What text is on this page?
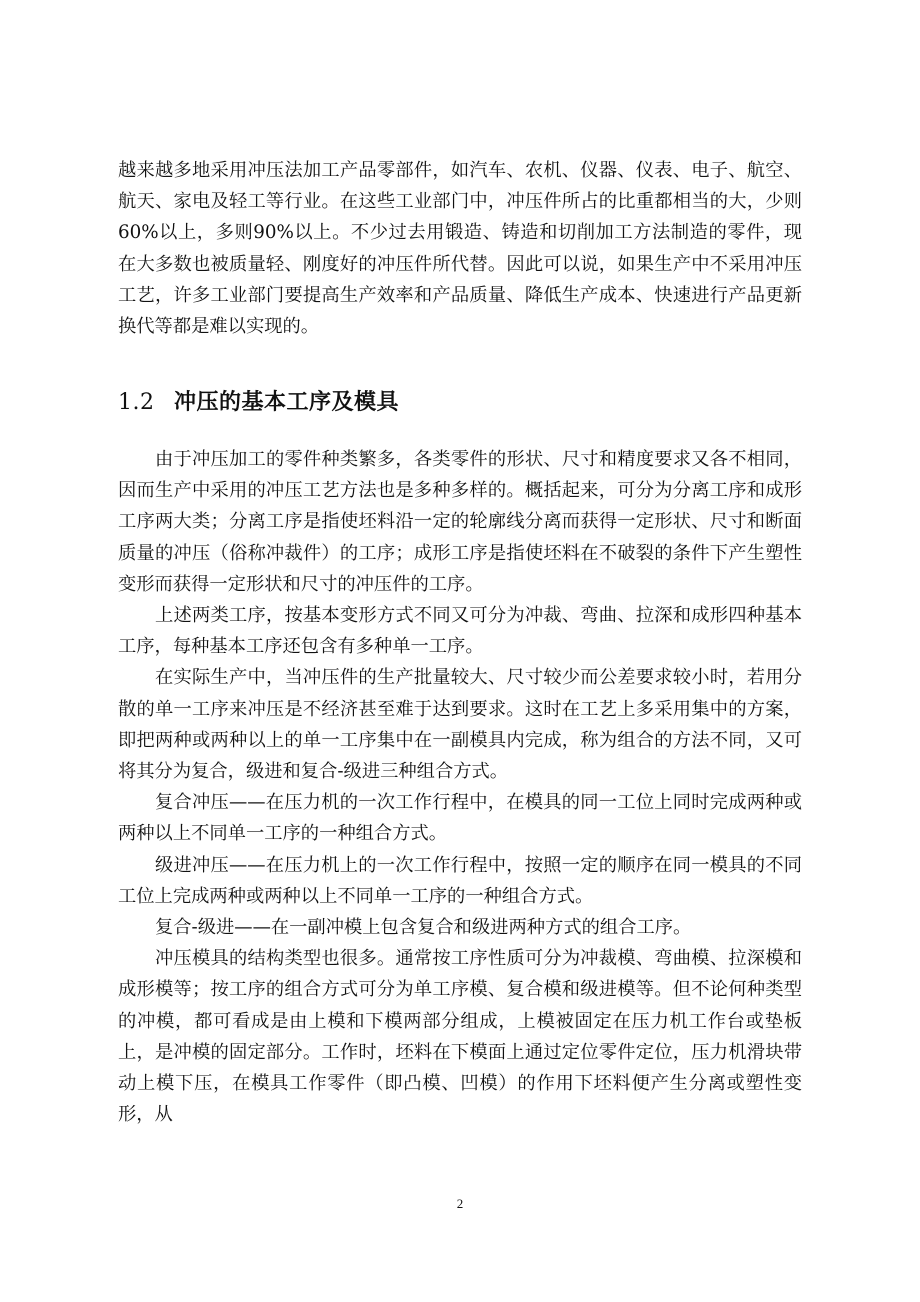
越来越多地采用冲压法加工产品零部件，如汽车、农机、仪器、仪表、电子、航空、航天、家电及轻工等行业。在这些工业部门中，冲压件所占的比重都相当的大，少则60%以上，多则90%以上。不少过去用锻造、铸造和切削加工方法制造的零件，现在大多数也被质量轻、刚度好的冲压件所代替。因此可以说，如果生产中不采用冲压工艺，许多工业部门要提高生产效率和产品质量、降低生产成本、快速进行产品更新换代等都是难以实现的。

1.2 冲压的基本工序及模具

由于冲压加工的零件种类繁多，各类零件的形状、尺寸和精度要求又各不相同，因而生产中采用的冲压工艺方法也是多种多样的。概括起来，可分为分离工序和成形工序两大类；分离工序是指使坯料沿一定的轮廓线分离而获得一定形状、尺寸和断面质量的冲压（俗称冲裁件）的工序；成形工序是指使坯料在不破裂的条件下产生塑性变形而获得一定形状和尺寸的冲压件的工序。

上述两类工序，按基本变形方式不同又可分为冲裁、弯曲、拉深和成形四种基本工序，每种基本工序还包含有多种单一工序。

在实际生产中，当冲压件的生产批量较大、尺寸较少而公差要求较小时，若用分散的单一工序来冲压是不经济甚至难于达到要求。这时在工艺上多采用集中的方案，即把两种或两种以上的单一工序集中在一副模具内完成，称为组合的方法不同，又可将其分为复合，级进和复合-级进三种组合方式。

复合冲压——在压力机的一次工作行程中，在模具的同一工位上同时完成两种或两种以上不同单一工序的一种组合方式。

级进冲压——在压力机上的一次工作行程中，按照一定的顺序在同一模具的不同工位上完成两种或两种以上不同单一工序的一种组合方式。

复合-级进——在一副冲模上包含复合和级进两种方式的组合工序。

冲压模具的结构类型也很多。通常按工序性质可分为冲裁模、弯曲模、拉深模和成形模等；按工序的组合方式可分为单工序模、复合模和级进模等。但不论何种类型的冲模，都可看成是由上模和下模两部分组成，上模被固定在压力机工作台或垫板上，是冲模的固定部分。工作时，坯料在下模面上通过定位零件定位，压力机滑块带动上模下压，在模具工作零件（即凸模、凹模）的作用下坯料便产生分离或塑性变形，从

2
